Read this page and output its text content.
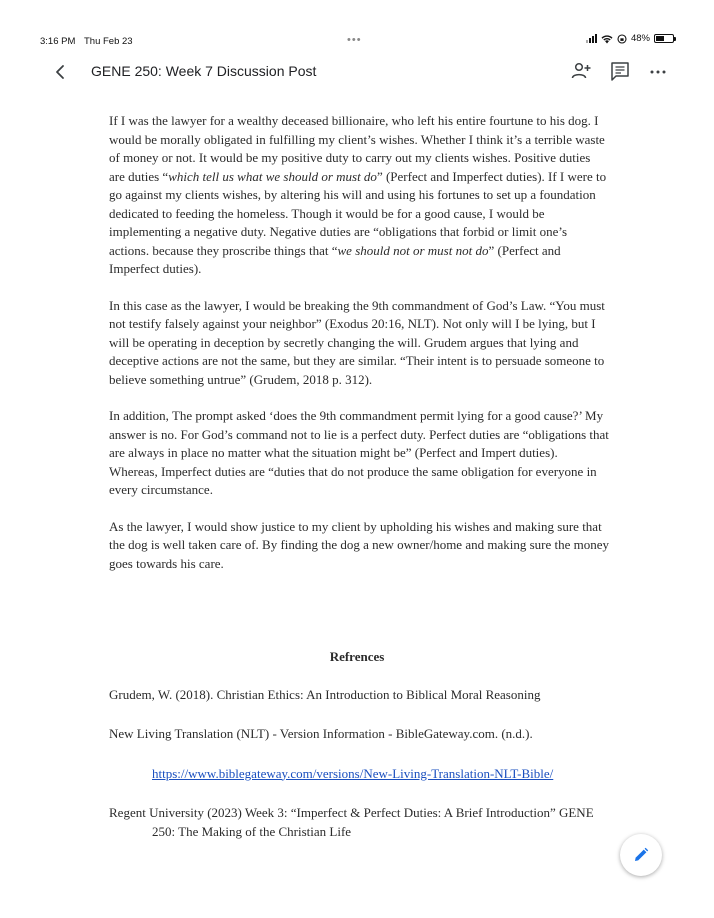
3:16 PM Thu Feb 23	•••	48%
GENE 250: Week 7 Discussion Post

If I was the lawyer for a wealthy deceased billionaire, who left his entire fourtune to his dog. I would be morally obligated in fulfilling my client’s wishes. Whether I think it’s a terrible waste of money or not. It would be my positive duty to carry out my clients wishes. Positive duties are duties “which tell us what we should or must do” (Perfect and Imperfect duties). If I were to go against my clients wishes, by altering his will and using his fortunes to set up a foundation dedicated to feeding the homeless. Though it would be for a good cause, I would be implementing a negative duty. Negative duties are “obligations that forbid or limit one’s actions. because they proscribe things that “we should not or must not do” (Perfect and Imperfect duties).

In this case as the lawyer, I would be breaking the 9th commandment of God’s Law. “You must not testify falsely against your neighbor” (Exodus 20:16, NLT). Not only will I be lying, but I will be operating in deception by secretly changing the will. Grudem argues that lying and deceptive actions are not the same, but they are similar. “Their intent is to persuade someone to believe something untrue” (Grudem, 2018 p. 312).

In addition, The prompt asked ‘does the 9th commandment permit lying for a good cause?’ My answer is no. For God’s command not to lie is a perfect duty. Perfect duties are “obligations that are always in place no matter what the situation might be” (Perfect and Impert duties). Whereas, Imperfect duties are “duties that do not produce the same obligation for everyone in every circumstance.

As the lawyer, I would show justice to my client by upholding his wishes and making sure that the dog is well taken care of. By finding the dog a new owner/home and making sure the money goes towards his care.

Refrences
Grudem, W. (2018). Christian Ethics: An Introduction to Biblical Moral Reasoning
New Living Translation (NLT) - Version Information - BibleGateway.com. (n.d.).
https://www.biblegateway.com/versions/New-Living-Translation-NLT-Bible/
Regent University (2023) Week 3: “Imperfect & Perfect Duties: A Brief Introduction” GENE 250: The Making of the Christian Life
